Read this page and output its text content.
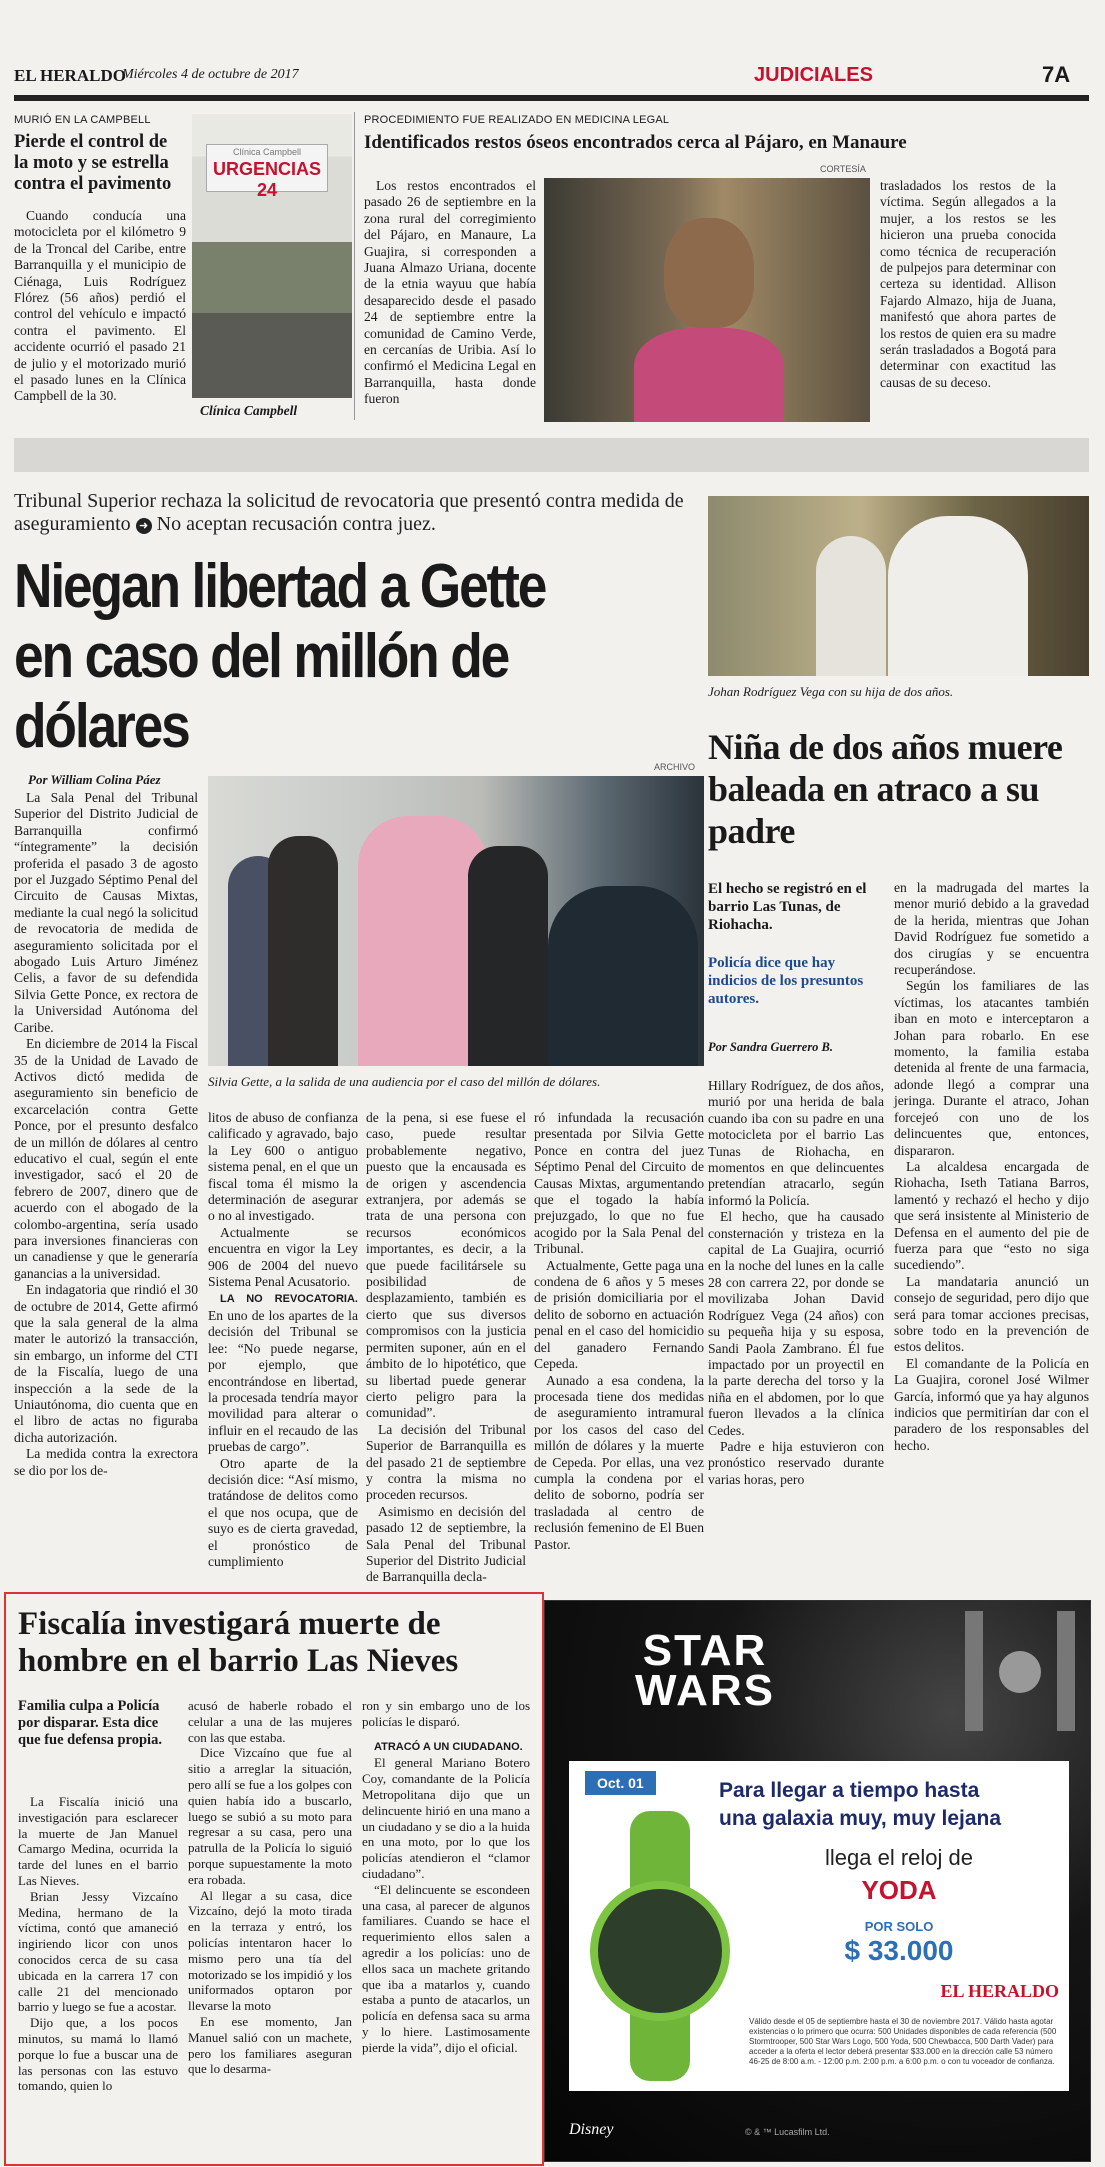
EL HERALDO
Miércoles 4 de octubre de 2017	JUDICIALES	7A
MURIÓ EN LA CAMPBELL
Pierde el control de la moto y se estrella contra el pavimento
Cuando conducía una motocicleta por el kilómetro 9 de la Troncal del Caribe, entre Barranquilla y el municipio de Ciénaga, Luis Rodríguez Flórez (56 años) perdió el control del vehículo e impactó contra el pavimento. El accidente ocurrió el pasado 21 de julio y el motorizado murió el pasado lunes en la Clínica Campbell de la 30.
Clínica Campbell
URGENCIAS 24
Clínica Campbell
PROCEDIMIENTO FUE REALIZADO EN MEDICINA LEGAL
Identificados restos óseos encontrados cerca al Pájaro, en Manaure
CORTESÍA
Los restos encontrados el pasado 26 de septiembre en la zona rural del corregimiento del Pájaro, en Manaure, La Guajira, si corresponden a Juana Almazo Uriana, docente de la etnia wayuu que había desaparecido desde el pasado 24 de septiembre entre la comunidad de Camino Verde, en cercanías de Uribia. Así lo confirmó el Medicina Legal en Barranquilla, hasta donde fueron
trasladados los restos de la víctima. Según allegados a la mujer, a los restos se les hicieron una prueba conocida como técnica de recuperación de pulpejos para determinar con certeza su identidad. Allison Fajardo Almazo, hija de Juana, manifestó que ahora partes de los restos de quien era su madre serán trasladados a Bogotá para determinar con exactitud las causas de su deceso.
Tribunal Superior rechaza la solicitud de revocatoria que presentó contra medida de aseguramiento ➜ No aceptan recusación contra juez.
Niegan libertad a Gette en caso del millón de dólares
Por William Colina Páez
ARCHIVO
Silvia Gette, a la salida de una audiencia por el caso del millón de dólares.

La Sala Penal del Tribunal Superior del Distrito Judicial de Barranquilla confirmó “íntegramente” la decisión proferida el pasado 3 de agosto por el Juzgado Séptimo Penal del Circuito de Causas Mixtas, mediante la cual negó la solicitud de revocatoria de medida de aseguramiento solicitada por el abogado Luis Arturo Jiménez Celis, a favor de su defendida Silvia Gette Ponce, ex rectora de la Universidad Autónoma del Caribe.

En diciembre de 2014 la Fiscal 35 de la Unidad de Lavado de Activos dictó medida de aseguramiento sin beneficio de excarcelación contra Gette Ponce, por el presunto desfalco de un millón de dólares al centro educativo el cual, según el ente investigador, sacó el 20 de febrero de 2007, dinero que de acuerdo con el abogado de la colombo-argentina, sería usado para inversiones financieras con un canadiense y que le generaría ganancias a la universidad.

En indagatoria que rindió el 30 de octubre de 2014, Gette afirmó que la sala general de la alma mater le autorizó la transacción, sin embargo, un informe del CTI de la Fiscalía, luego de una inspección a la sede de la Uniautónoma, dio cuenta que en el libro de actas no figuraba dicha autorización.

La medida contra la exrectora se dio por los de-

litos de abuso de confianza calificado y agravado, bajo la Ley 600 o antiguo sistema penal, en el que un fiscal toma él mismo la determinación de asegurar o no al investigado.

Actualmente se encuentra en vigor la Ley 906 de 2004 del nuevo Sistema Penal Acusatorio.

LA NO REVOCATORIA. En uno de los apartes de la decisión del Tribunal se lee: “No puede negarse, por ejemplo, que encontrándose en libertad, la procesada tendría mayor movilidad para alterar o influir en el recaudo de las pruebas de cargo”.

Otro aparte de la decisión dice: “Así mismo, tratándose de delitos como el que nos ocupa, que de suyo es de cierta gravedad, el pronóstico de cumplimiento

de la pena, si ese fuese el caso, puede resultar probablemente negativo, puesto que la encausada es de origen y ascendencia extranjera, por además se trata de una persona con recursos económicos importantes, es decir, a la que puede facilitársele su posibilidad de desplazamiento, también es cierto que sus diversos compromisos con la justicia permiten suponer, aún en el ámbito de lo hipotético, que su libertad puede generar cierto peligro para la comunidad”.

La decisión del Tribunal Superior de Barranquilla es del pasado 21 de septiembre y contra la misma no proceden recursos.

Asimismo en decisión del pasado 12 de septiembre, la Sala Penal del Tribunal Superior del Distrito Judicial de Barranquilla decla-

ró infundada la recusación presentada por Silvia Gette Ponce en contra del juez Séptimo Penal del Circuito de Causas Mixtas, argumentando que el togado la había prejuzgado, lo que no fue acogido por la Sala Penal del Tribunal.

Actualmente, Gette paga una condena de 6 años y 5 meses de prisión domiciliaria por el delito de soborno en actuación penal en el caso del homicidio del ganadero Fernando Cepeda.

Aunado a esa condena, la procesada tiene dos medidas de aseguramiento intramural por los casos del caso del millón de dólares y la muerte de Cepeda. Por ellas, una vez cumpla la condena por el delito de soborno, podría ser trasladada al centro de reclusión femenino de El Buen Pastor.

Johan Rodríguez Vega con su hija de dos años.
Niña de dos años muere baleada en atraco a su padre
El hecho se registró en el barrio Las Tunas, de Riohacha.
Policía dice que hay indicios de los presuntos autores.
Por Sandra Guerrero B.

Hillary Rodríguez, de dos años, murió por una herida de bala cuando iba con su padre en una motocicleta por el barrio Las Tunas de Riohacha, en momentos en que delincuentes pretendían atracarlo, según informó la Policía.

El hecho, que ha causado consternación y tristeza en la capital de La Guajira, ocurrió en la noche del lunes en la calle 28 con carrera 22, por donde se movilizaba Johan David Rodríguez Vega (24 años) con su pequeña hija y su esposa, Sandi Paola Zambrano. Él fue impactado por un proyectil en la parte derecha del torso y la niña en el abdomen, por lo que fueron llevados a la clínica Cedes.

Padre e hija estuvieron con pronóstico reservado durante varias horas, pero

en la madrugada del martes la menor murió debido a la gravedad de la herida, mientras que Johan David Rodríguez fue sometido a dos cirugías y se encuentra recuperándose.

Según los familiares de las víctimas, los atacantes también iban en moto e interceptaron a Johan para robarlo. En ese momento, la familia estaba detenida al frente de una farmacia, adonde llegó a comprar una jeringa. Durante el atraco, Johan forcejeó con uno de los delincuentes que, entonces, dispararon.

La alcaldesa encargada de Riohacha, Iseth Tatiana Barros, lamentó y rechazó el hecho y dijo que será insistente al Ministerio de Defensa en el aumento del pie de fuerza para que “esto no siga sucediendo”.

La mandataria anunció un consejo de seguridad, pero dijo que será para tomar acciones precisas, sobre todo en la prevención de estos delitos.

El comandante de la Policía en La Guajira, coronel José Wilmer García, informó que ya hay algunos indicios que permitirían dar con el paradero de los responsables del hecho.

Fiscalía investigará muerte de hombre en el barrio Las Nieves
Familia culpa a Policía por disparar. Esta dice que fue defensa propia.

La Fiscalía inició una investigación para esclarecer la muerte de Jan Manuel Camargo Medina, ocurrida la tarde del lunes en el barrio Las Nieves.

Brian Jessy Vizcaíno Medina, hermano de la víctima, contó que amaneció ingiriendo licor con unos conocidos cerca de su casa ubicada en la carrera 17 con calle 21 del mencionado barrio y luego se fue a acostar.

Dijo que, a los pocos minutos, su mamá lo llamó porque lo fue a buscar una de las personas con las estuvo tomando, quien lo

acusó de haberle robado el celular a una de las mujeres con las que estaba.

Dice Vizcaíno que fue al sitio a arreglar la situación, pero allí se fue a los golpes con quien había ido a buscarlo, luego se subió a su moto para regresar a su casa, pero una patrulla de la Policía lo siguió porque supuestamente la moto era robada.

Al llegar a su casa, dice Vizcaíno, dejó la moto tirada en la terraza y entró, los policías intentaron hacer lo mismo pero una tía del motorizado se los impidió y los uniformados optaron por llevarse la moto

En ese momento, Jan Manuel salió con un machete, pero los familiares aseguran que lo desarma-

ron y sin embargo uno de los policías le disparó.

ATRACÓ A UN CIUDADANO.

El general Mariano Botero Coy, comandante de la Policía Metropolitana dijo que un delincuente hirió en una mano a un ciudadano y se dio a la huida en una moto, por lo que los policías atendieron el “clamor ciudadano”.

“El delincuente se escondeen una casa, al parecer de algunos familiares. Cuando se hace el requerimiento ellos salen a agredir a los policías: uno de ellos saca un machete gritando que iba a matarlos y, cuando estaba a punto de atacarlos, un policía en defensa saca su arma y lo hiere. Lastimosamente pierde la vida”, dijo el oficial.

STAR WARS
Oct. 01	Para llegar a tiempo hasta
una galaxia muy, muy lejana
llega el reloj de
YODA
POR SOLO
$ 33.000
EL HERALDO
Válido desde el 05 de septiembre hasta el 30 de noviembre 2017. Válido hasta agotar existencias o lo primero que ocurra: 500 Unidades disponibles de cada referencia (500 Stormtrooper, 500 Star Wars Logo, 500 Yoda, 500 Chewbacca, 500 Darth Vader) para acceder a la oferta el lector deberá presentar $33.000 en la dirección calle 53 número 46-25 de 8:00 a.m. - 12:00 p.m. 2:00 p.m. a 6:00 p.m. o con tu voceador de confianza.
Disney	© & ™ Lucasfilm Ltd.
